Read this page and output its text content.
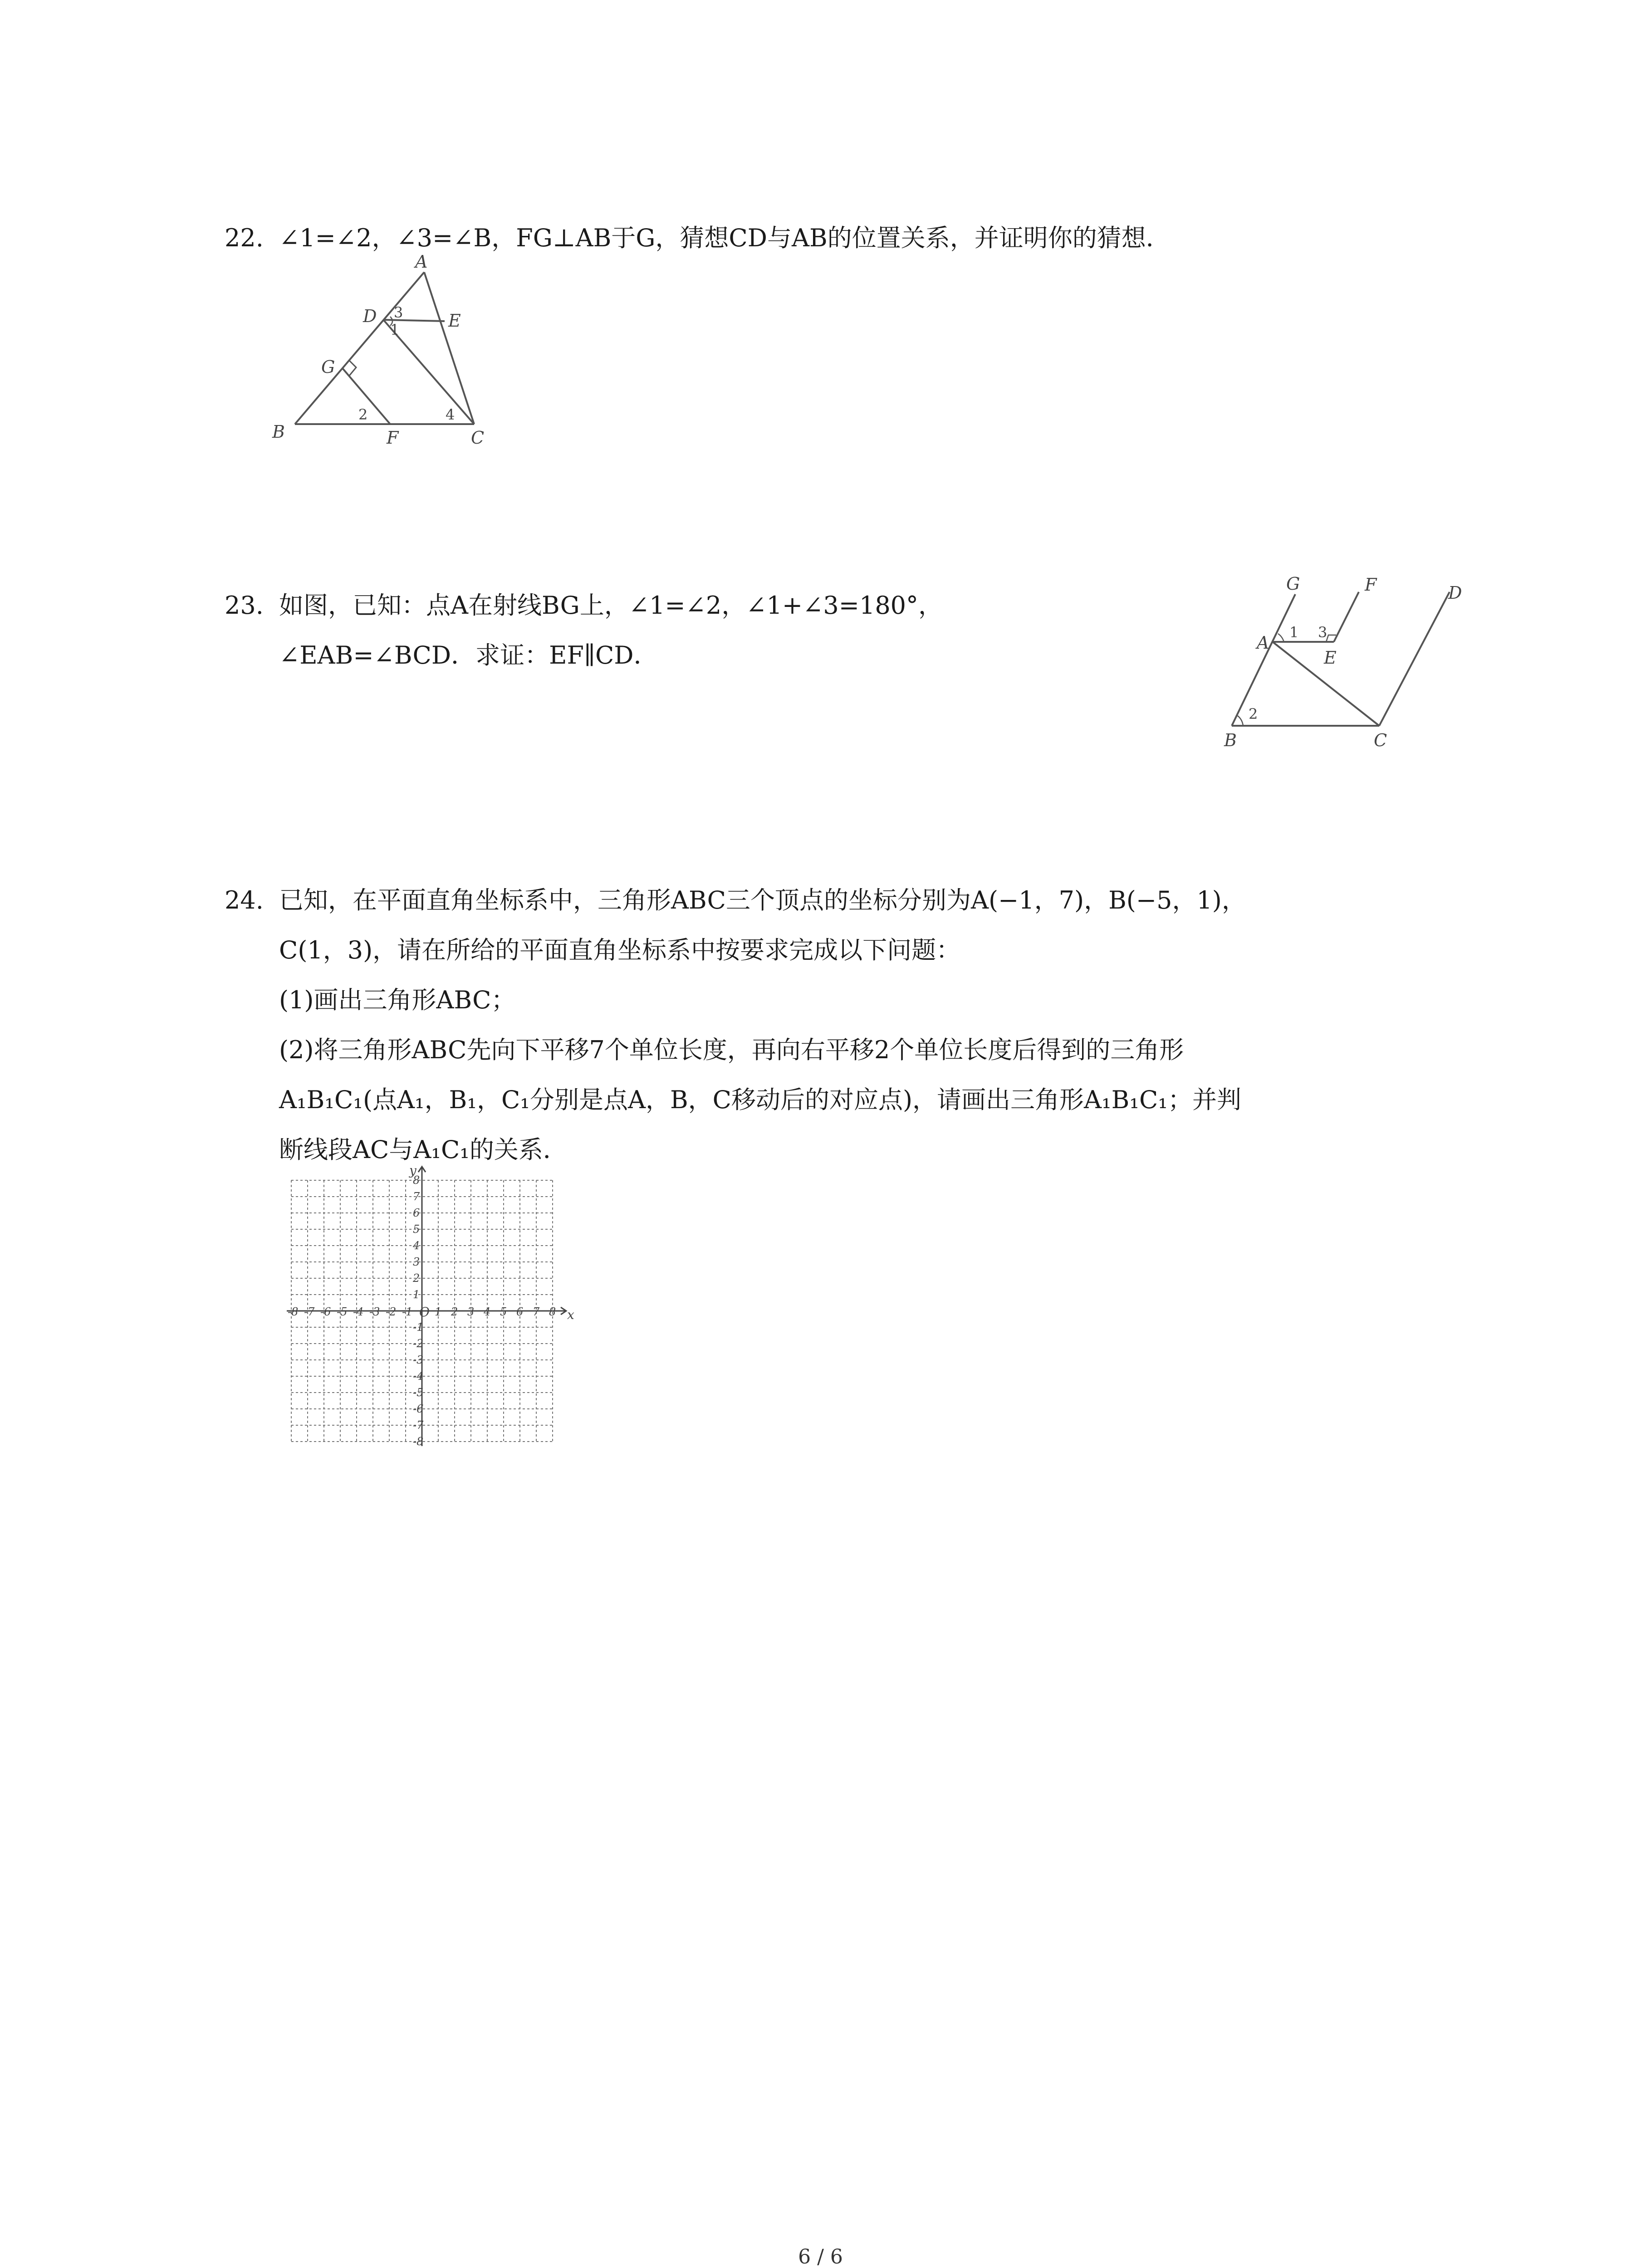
22. ∠1=∠2，∠3=∠B，FG⊥AB于G，猜想CD与AB的位置关系，并证明你的猜想．
A
D	E
G
B	F	C
3
1
2	4
23. 如图，已知：点A在射线BG上，∠1=∠2，∠1+∠3=180°，
∠EAB=∠BCD．求证：EF∥CD．
G	F	D
A
E
B	C
1 3
2
24. 已知，在平面直角坐标系中，三角形ABC三个顶点的坐标分别为A(−1，7)，B(−5，1)，
C(1，3)，请在所给的平面直角坐标系中按要求完成以下问题：
(1)画出三角形ABC；
(2)将三角形ABC先向下平移7个单位长度，再向右平移2个单位长度后得到的三角形
A₁B₁C₁(点A₁，B₁，C₁分别是点A，B，C移动后的对应点)，请画出三角形A₁B₁C₁；并判
断线段AC与A₁C₁的关系．
-8
-8
-7
-7
-6
-6
-5
-5
-4
-4
-3
-3
-2
-2
-1
-1
1
1
2
2
3
3
4
4
5
5
6
6
7
7
8
8
x
y
O
6 / 6
